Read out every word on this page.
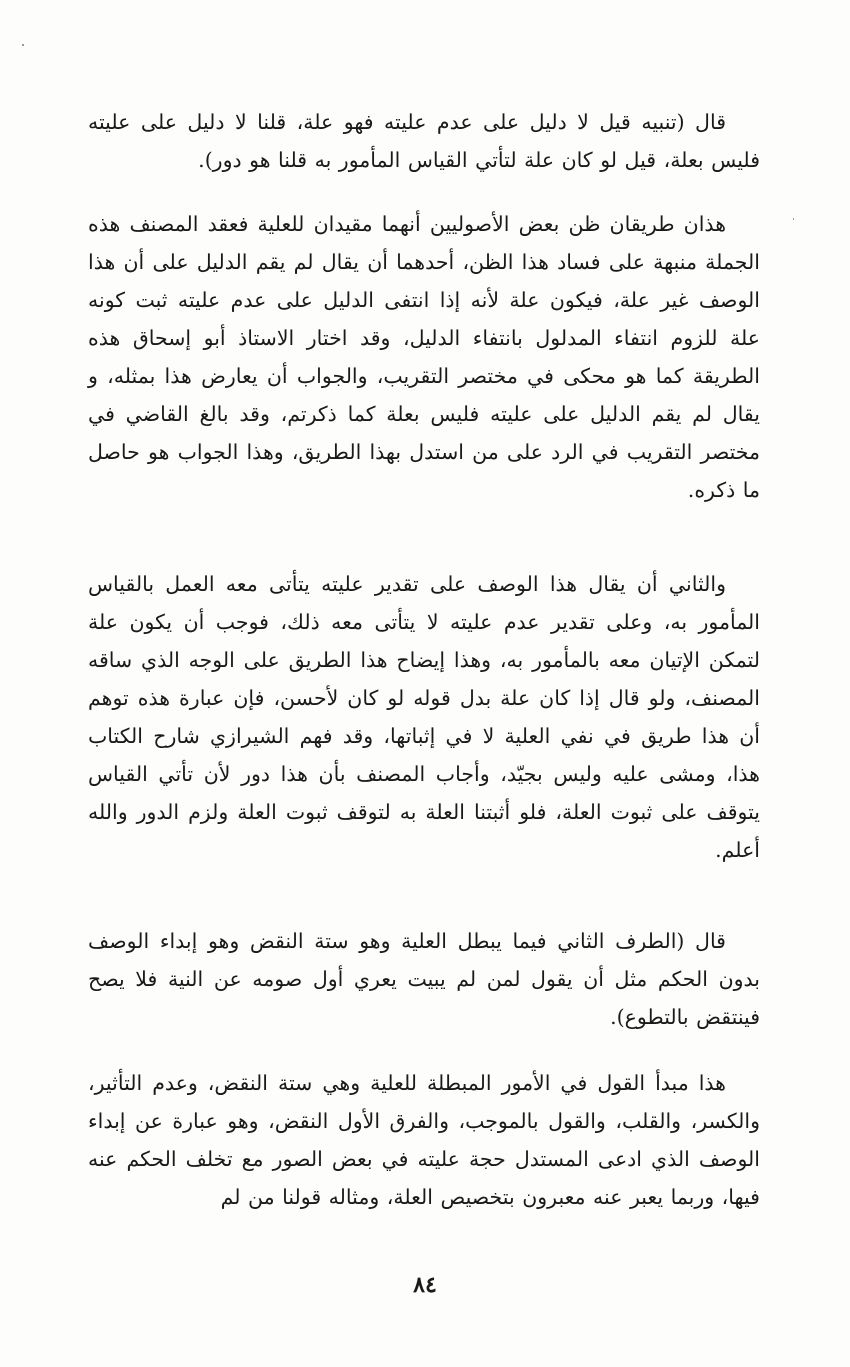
قال (تنبيه قيل لا دليل على عدم عليته فهو علة، قلنا لا دليل على عليته فليس بعلة، قيل لو كان علة لتأتي القياس المأمور به قلنا هو دور).

هذان طريقان ظن بعض الأصوليين أنهما مقيدان للعلية فعقد المصنف هذه الجملة منبهة على فساد هذا الظن، أحدهما أن يقال لم يقم الدليل على أن هذا الوصف غير علة، فيكون علة لأنه إذا انتفى الدليل على عدم عليته ثبت كونه علة للزوم انتفاء المدلول بانتفاء الدليل، وقد اختار الاستاذ أبو إسحاق هذه الطريقة كما هو محكى في مختصر التقريب، والجواب أن يعارض هذا بمثله، و يقال لم يقم الدليل على عليته فليس بعلة كما ذكرتم، وقد بالغ القاضي في مختصر التقريب في الرد على من استدل بهذا الطريق، وهذا الجواب هو حاصل ما ذكره.

والثاني أن يقال هذا الوصف على تقدير عليته يتأتى معه العمل بالقياس المأمور به، وعلى تقدير عدم عليته لا يتأتى معه ذلك، فوجب أن يكون علة لتمكن الإتيان معه بالمأمور به، وهذا إيضاح هذا الطريق على الوجه الذي ساقه المصنف، ولو قال إذا كان علة بدل قوله لو كان لأحسن، فإن عبارة هذه توهم أن هذا طريق في نفي العلية لا في إثباتها، وقد فهم الشيرازي شارح الكتاب هذا، ومشى عليه وليس بجيّد، وأجاب المصنف بأن هذا دور لأن تأتي القياس يتوقف على ثبوت العلة، فلو أثبتنا العلة به لتوقف ثبوت العلة ولزم الدور والله أعلم.

قال (الطرف الثاني فيما يبطل العلية وهو ستة النقض وهو إبداء الوصف بدون الحكم مثل أن يقول لمن لم يبيت يعري أول صومه عن النية فلا يصح فينتقض بالتطوع).

هذا مبدأ القول في الأمور المبطلة للعلية وهي ستة النقض، وعدم التأثير، والكسر، والقلب، والقول بالموجب، والفرق الأول النقض، وهو عبارة عن إبداء الوصف الذي ادعى المستدل حجة عليته في بعض الصور مع تخلف الحكم عنه فيها، وربما يعبر عنه معبرون بتخصيص العلة، ومثاله قولنا من لم

٨٤
